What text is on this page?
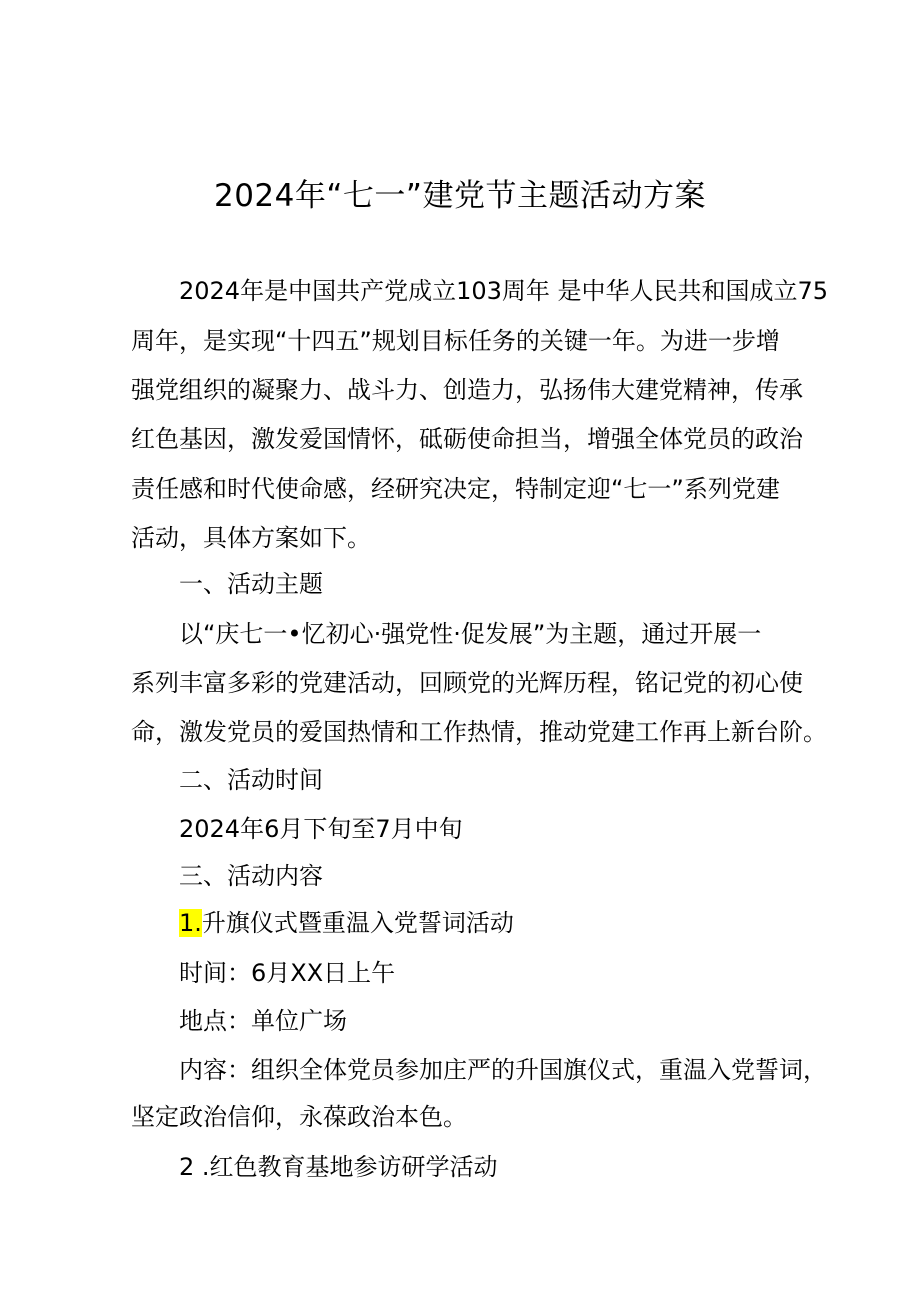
2024年“七一”建党节主题活动方案
2024年是中国共产党成立103周年 是中华人民共和国成立75
周年，是实现“十四五”规划目标任务的关键一年。为进一步增
强党组织的凝聚力、战斗力、创造力，弘扬伟大建党精神，传承
红色基因，激发爱国情怀，砥砺使命担当，增强全体党员的政治
责任感和时代使命感，经研究决定，特制定迎“七一”系列党建
活动，具体方案如下。
一、活动主题
以“庆七一•忆初心·强党性·促发展”为主题，通过开展一
系列丰富多彩的党建活动，回顾党的光辉历程，铭记党的初心使
命，激发党员的爱国热情和工作热情，推动党建工作再上新台阶。
二、活动时间
2024年6月下旬至7月中旬
三、活动内容
1.升旗仪式暨重温入党誓词活动
时间：6月XX日上午
地点：单位广场
内容：组织全体党员参加庄严的升国旗仪式，重温入党誓词，
坚定政治信仰，永葆政治本色。
2 .红色教育基地参访研学活动
